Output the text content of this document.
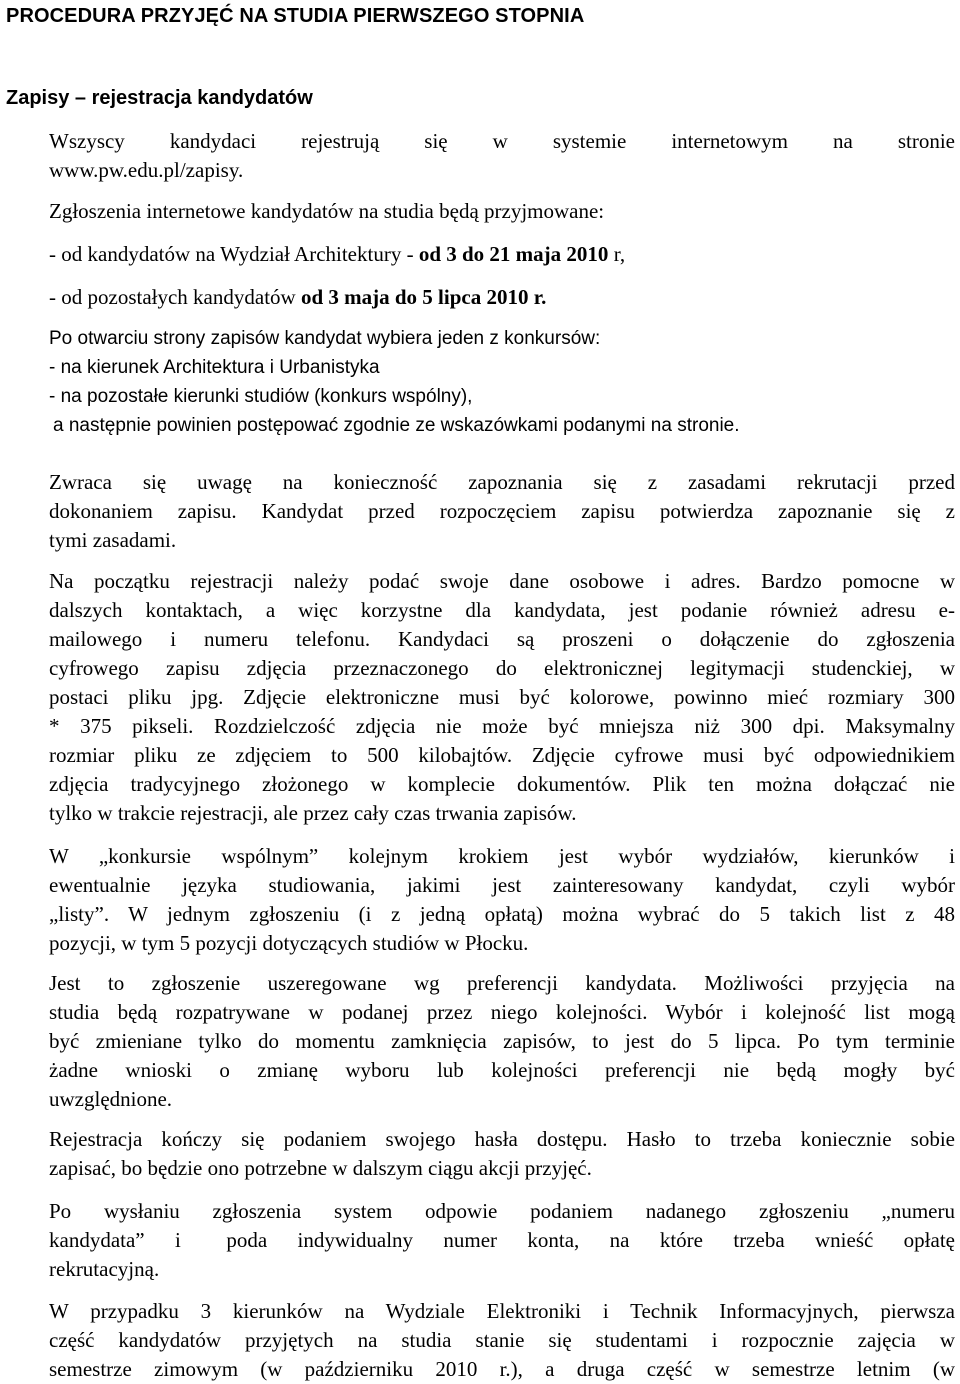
PROCEDURA PRZYJĘĆ NA STUDIA PIERWSZEGO STOPNIA
Zapisy – rejestracja kandydatów
Wszyscy kandydaci rejestrują się w systemie internetowym na stronie
www.pw.edu.pl/zapisy.
Zgłoszenia internetowe kandydatów na studia będą przyjmowane:
- od kandydatów na Wydział Architektury - od 3 do 21 maja 2010 r,
- od pozostałych kandydatów od 3 maja do 5 lipca 2010 r.
Po otwarciu strony zapisów kandydat wybiera jeden z konkursów:
- na kierunek Architektura i Urbanistyka
- na pozostałe kierunki studiów (konkurs wspólny),
a następnie powinien postępować zgodnie ze wskazówkami podanymi na stronie.
Zwraca się uwagę na konieczność zapoznania się z zasadami rekrutacji przed
dokonaniem zapisu. Kandydat przed rozpoczęciem zapisu potwierdza zapoznanie się z
tymi zasadami.
Na początku rejestracji należy podać swoje dane osobowe i adres. Bardzo pomocne w
dalszych kontaktach, a więc korzystne dla kandydata, jest podanie również adresu e-
mailowego i numeru telefonu. Kandydaci są proszeni o dołączenie do zgłoszenia
cyfrowego zapisu zdjęcia przeznaczonego do elektronicznej legitymacji studenckiej, w
postaci pliku jpg. Zdjęcie elektroniczne musi być kolorowe, powinno mieć rozmiary 300
* 375 pikseli. Rozdzielczość zdjęcia nie może być mniejsza niż 300 dpi. Maksymalny
rozmiar pliku ze zdjęciem to 500 kilobajtów. Zdjęcie cyfrowe musi być odpowiednikiem
zdjęcia tradycyjnego złożonego w komplecie dokumentów. Plik ten można dołączać nie
tylko w trakcie rejestracji, ale przez cały czas trwania zapisów.
W „konkursie wspólnym” kolejnym krokiem jest wybór wydziałów, kierunków i
ewentualnie języka studiowania, jakimi jest zainteresowany kandydat, czyli wybór
„listy”. W jednym zgłoszeniu (i z jedną opłatą) można wybrać do 5 takich list z 48
pozycji, w tym 5 pozycji dotyczących studiów w Płocku.
Jest to zgłoszenie uszeregowane wg preferencji kandydata. Możliwości przyjęcia na
studia będą rozpatrywane w podanej przez niego kolejności. Wybór i kolejność list mogą
być zmieniane tylko do momentu zamknięcia zapisów, to jest do 5 lipca. Po tym terminie
żadne wnioski o zmianę wyboru lub kolejności preferencji nie będą mogły być
uwzględnione.
Rejestracja kończy się podaniem swojego hasła dostępu. Hasło to trzeba koniecznie sobie
zapisać, bo będzie ono potrzebne w dalszym ciągu akcji przyjęć.
Po wysłaniu zgłoszenia system odpowie podaniem nadanego zgłoszeniu „numeru
kandydata”  i   poda  indywidualny  numer  konta,  na  które  trzeba  wnieść  opłatę
rekrutacyjną.
W przypadku 3 kierunków na Wydziale Elektroniki i Technik Informacyjnych, pierwsza
część kandydatów przyjętych na studia stanie się studentami i rozpocznie zajęcia w
semestrze zimowym (w październiku 2010 r.), a druga część w semestrze letnim (w
